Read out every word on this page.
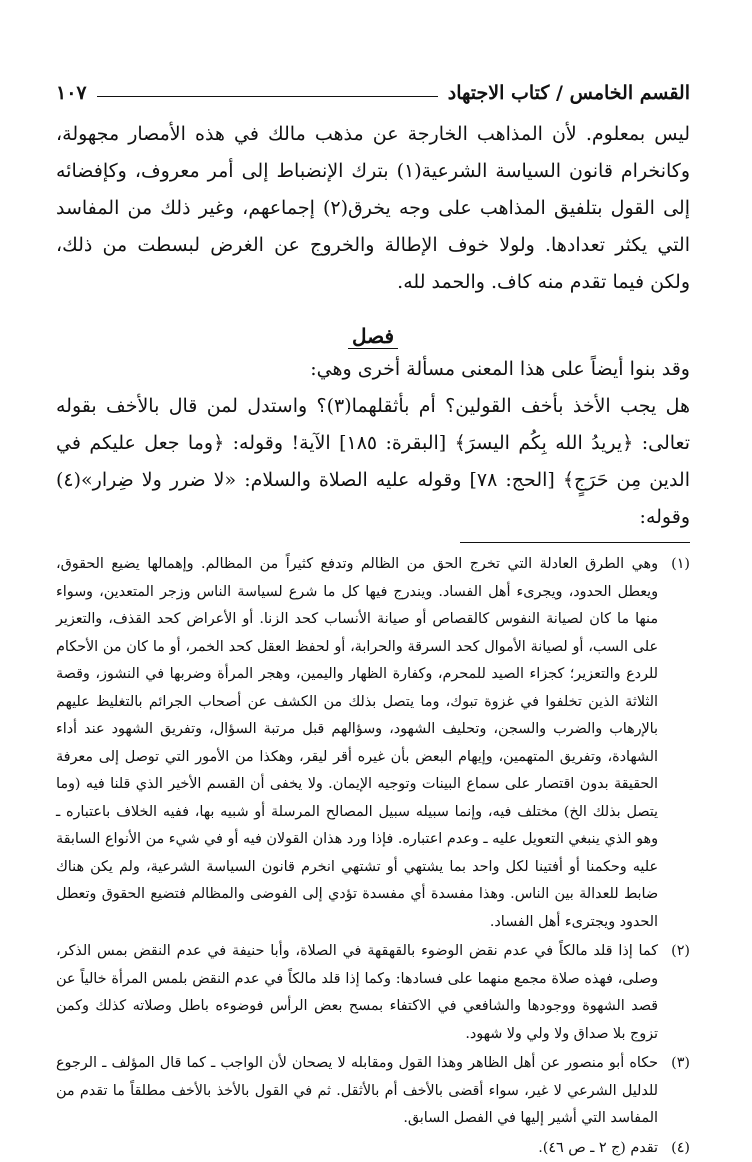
القسم الخامس / كتاب الاجتهاد
١٠٧

ليس بمعلوم. لأن المذاهب الخارجة عن مذهب مالك في هذه الأمصار مجهولة، وكانخرام قانون السياسة الشرعية(١) بترك الإنضباط إلى أمر معروف، وكإفضائه إلى القول بتلفيق المذاهب على وجه يخرق(٢) إجماعهم، وغير ذلك من المفاسد التي يكثر تعدادها. ولولا خوف الإطالة والخروج عن الغرض لبسطت من ذلك، ولكن فيما تقدم منه كاف. والحمد لله.

فصل

وقد بنوا أيضاً على هذا المعنى مسألة أخرى وهي:

هل يجب الأخذ بأخف القولين؟ أم بأثقلهما(٣)؟ واستدل لمن قال بالأخف بقوله تعالى: ﴿يريدُ الله بِكُم اليسرَ﴾ [البقرة: ١٨٥] الآية! وقوله: ﴿وما جعل عليكم في الدين مِن حَرَجٍ﴾ [الحج: ٧٨] وقوله عليه الصلاة والسلام: «لا ضرر ولا ضِرار»(٤) وقوله:

(١)
وهي الطرق العادلة التي تخرج الحق من الظالم وتدفع كثيراً من المظالم. وإهمالها يضيع الحقوق، ويعطل الحدود، ويجرىء أهل الفساد. ويندرج فيها كل ما شرع لسياسة الناس وزجر المتعدين، وسواء منها ما كان لصيانة النفوس كالقصاص أو صيانة الأنساب كحد الزنا. أو الأعراض كحد القذف، والتعزير على السب، أو لصيانة الأموال كحد السرقة والحرابة، أو لحفظ العقل كحد الخمر، أو ما كان من الأحكام للردع والتعزير؛ كجزاء الصيد للمحرم، وكفارة الظهار واليمين، وهجر المرأة وضربها في النشوز، وقصة الثلاثة الذين تخلفوا في غزوة تبوك، وما يتصل بذلك من الكشف عن أصحاب الجرائم بالتغليظ عليهم بالإرهاب والضرب والسجن، وتحليف الشهود، وسؤالهم قبل مرتبة السؤال، وتفريق الشهود عند أداء الشهادة، وتفريق المتهمين، وإيهام البعض بأن غيره أقر ليقر، وهكذا من الأمور التي توصل إلى معرفة الحقيقة بدون اقتصار على سماع البينات وتوجيه الإيمان. ولا يخفى أن القسم الأخير الذي قلنا فيه (وما يتصل بذلك الخ) مختلف فيه، وإنما سبيله سبيل المصالح المرسلة أو شبيه بها، ففيه الخلاف باعتباره ـ وهو الذي ينبغي التعويل عليه ـ وعدم اعتباره. فإذا ورد هذان القولان فيه أو في شيء من الأنواع السابقة عليه وحكمنا أو أفتينا لكل واحد بما يشتهي أو تشتهي انخرم قانون السياسة الشرعية، ولم يكن هناك ضابط للعدالة بين الناس. وهذا مفسدة أي مفسدة تؤدي إلى الفوضى والمظالم فتضيع الحقوق وتعطل الحدود ويجترىء أهل الفساد.
(٢)
كما إذا قلد مالكاً في عدم نقض الوضوء بالقهقهة في الصلاة، وأبا حنيفة في عدم النقض بمس الذكر، وصلى، فهذه صلاة مجمع منهما على فسادها: وكما إذا قلد مالكاً في عدم النقض بلمس المرأة خالياً عن قصد الشهوة ووجودها والشافعي في الاكتفاء بمسح بعض الرأس فوضوءه باطل وصلاته كذلك وكمن تزوج بلا صداق ولا ولي ولا شهود.
(٣)
حكاه أبو منصور عن أهل الظاهر وهذا القول ومقابله لا يصحان لأن الواجب ـ كما قال المؤلف ـ الرجوع للدليل الشرعي لا غير، سواء أقضى بالأخف أم بالأثقل. ثم في القول بالأخذ بالأخف مطلقاً ما تقدم من المفاسد التي أشير إليها في الفصل السابق.
(٤)
تقدم (ج ٢ ـ ص ٤٦).
